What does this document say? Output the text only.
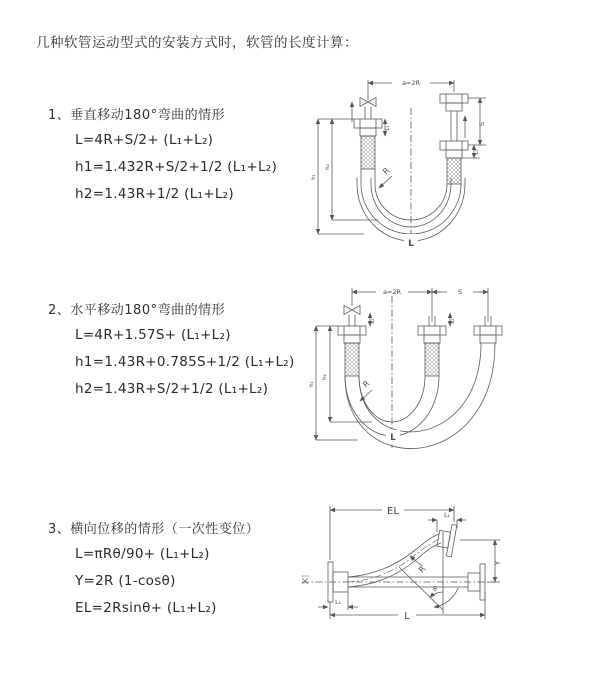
几种软管运动型式的安装方式时，软管的长度计算：
1、垂直移动180°弯曲的情形

L=4R+S/2+ (L₁+L₂)

h1=1.432R+S/2+1/2 (L₁+L₂)

h2=1.43R+1/2 (L₁+L₂)

2、水平移动180°弯曲的情形

L=4R+1.57S+ (L₁+L₂)

h1=1.43R+0.785S+1/2 (L₁+L₂)

h2=1.43R+S/2+1/2 (L₁+L₂)

3、横向位移的情形（一次性变位）

L=πRθ/90+ (L₁+L₂)

Y=2R (1-cosθ)

EL=2Rsinθ+ (L₁+L₂)

a=2R
S
L₁
L₁
h₁
h₂	R
L
a=2R	S
L₁	L₁
h₁
h₂
R
L
EL	L₁
Y
R
θ
L
L₁
